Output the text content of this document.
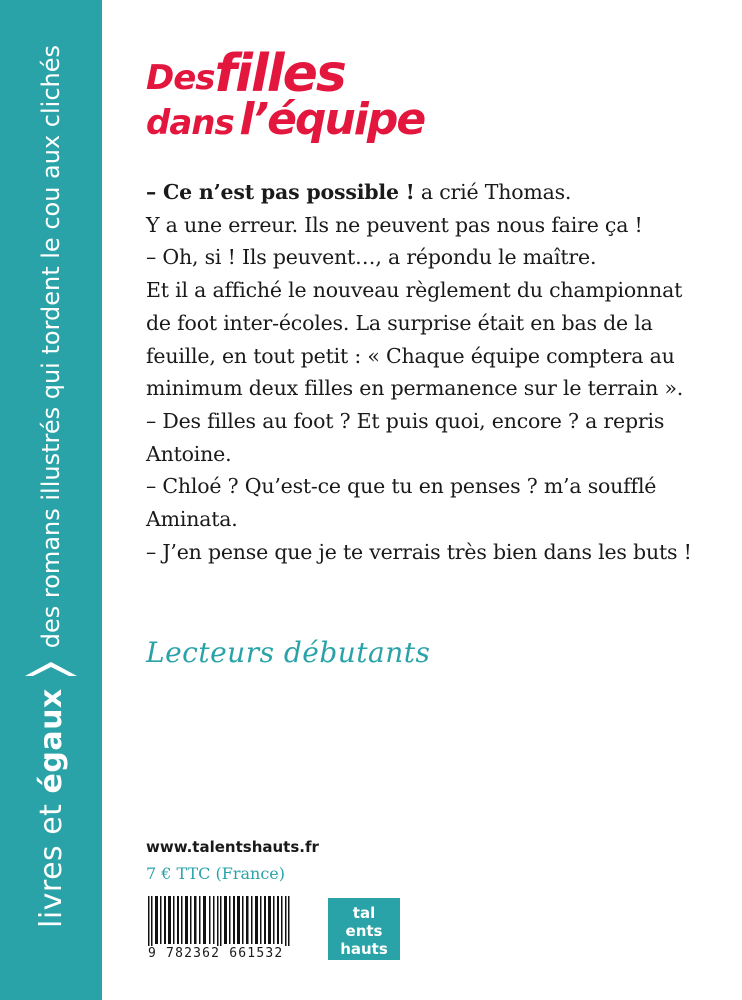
livres et égaux
des romans illustrés qui tordent le cou aux clichés Desfilles
dans l’équipe

– Ce n’est pas possible ! a crié Thomas.

Y a une erreur. Ils ne peuvent pas nous faire ça !

– Oh, si ! Ils peuvent…, a répondu le maître.

Et il a affiché le nouveau règlement du championnat de foot inter-écoles. La surprise était en bas de la feuille, en tout petit : « Chaque équipe comptera au minimum deux filles en permanence sur le terrain ».

– Des filles au foot ? Et puis quoi, encore ? a repris Antoine.

– Chloé ? Qu’est-ce que tu en penses ? m’a soufflé Aminata.

– J’en pense que je te verrais très bien dans les buts !

Lecteurs débutants
www.talentshauts.fr
7 € TTC (France)
9 782362 661532
tal
ents
hauts
